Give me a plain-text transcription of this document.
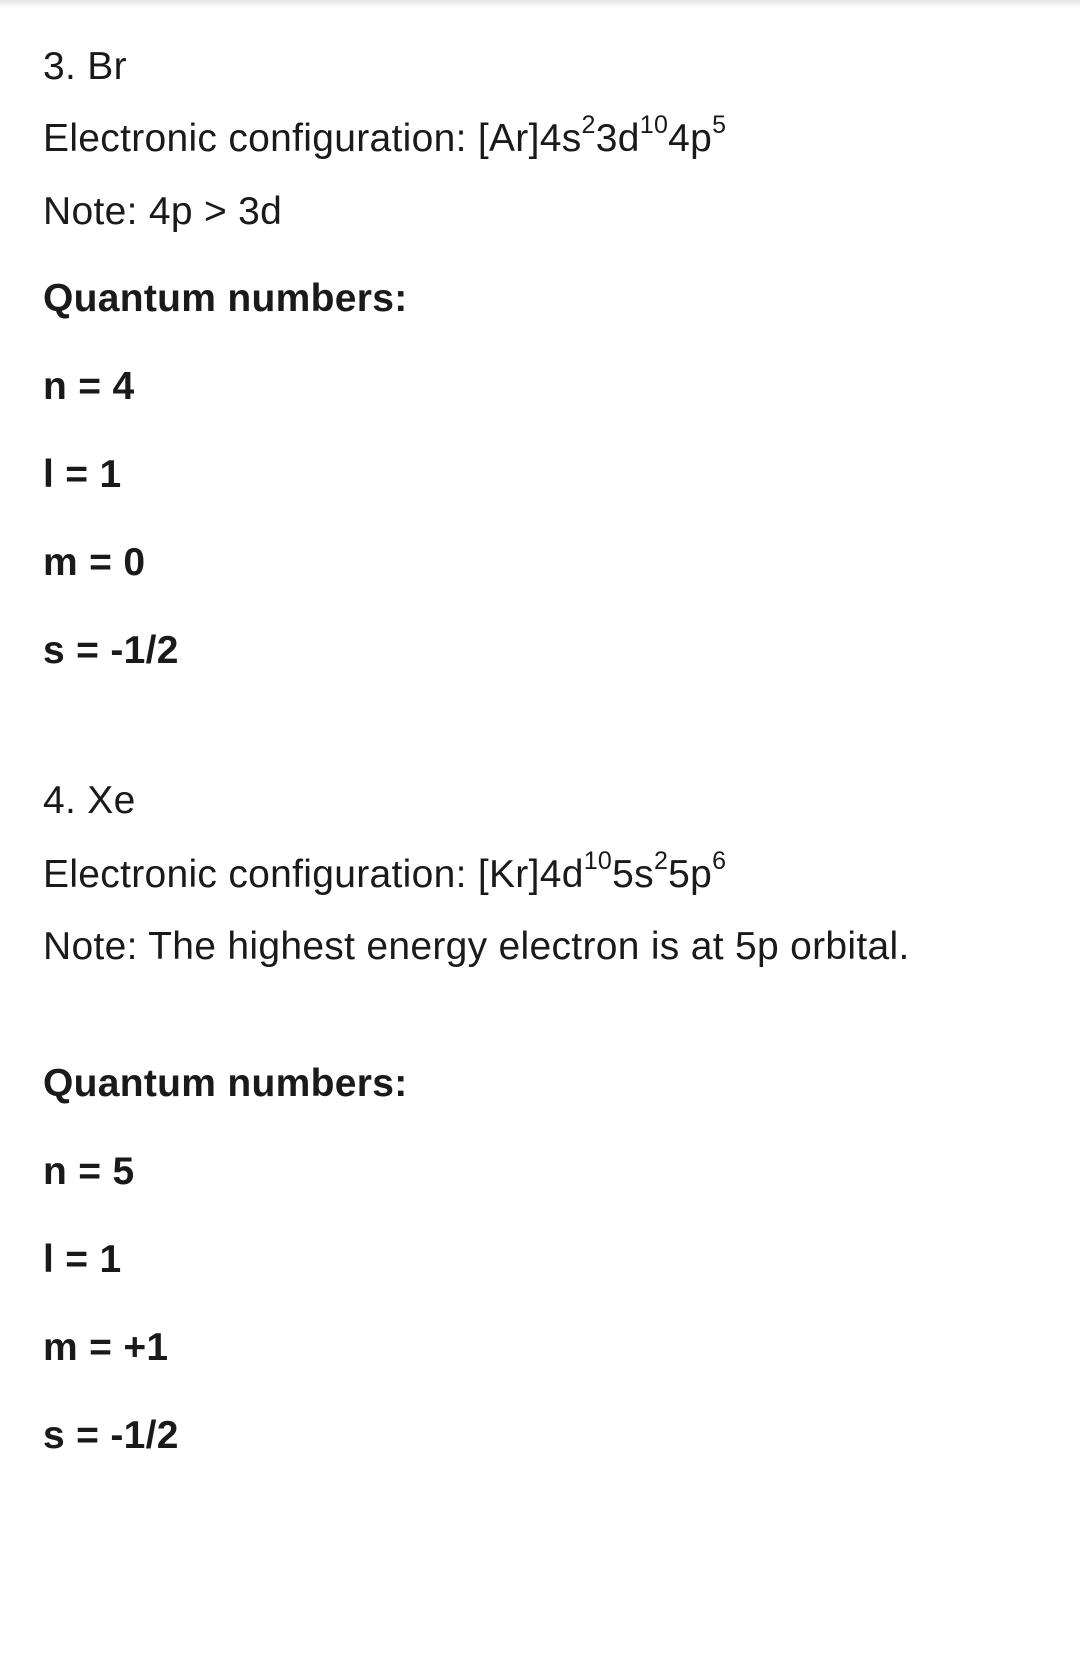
3. Br
Electronic configuration: $[Ar]4s^23d^{10}4p^5$
Note: 4p > 3d
Quantum numbers:
n = 4
l = 1
m = 0
s = -1/2
4. Xe
Electronic configuration: $[Kr]4d^{10}5s^25p^6$
Note: The highest energy electron is at 5p orbital.
Quantum numbers:
n = 5
l = 1
m = +1
s = -1/2
